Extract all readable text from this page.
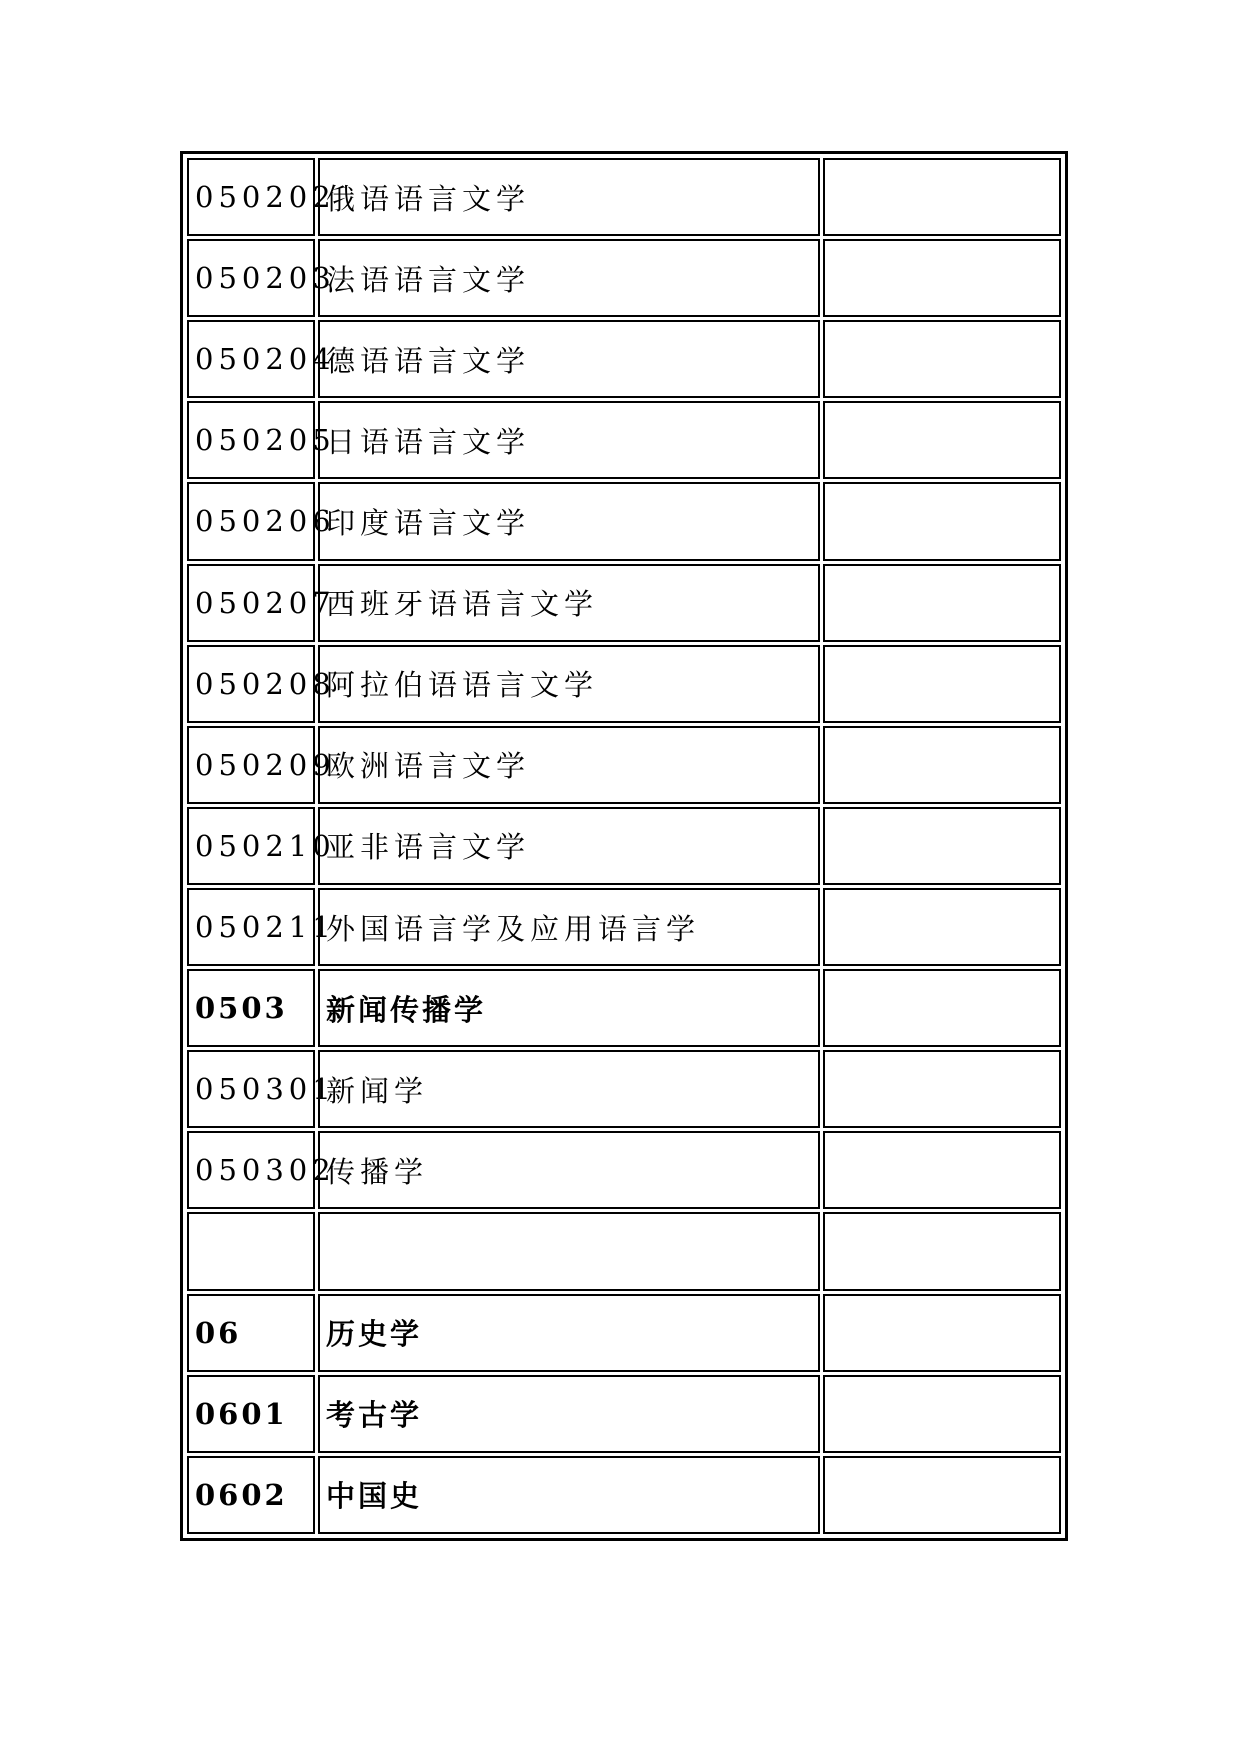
050202	俄语语言文学	
050203	法语语言文学	
050204	德语语言文学	
050205	日语语言文学	
050206	印度语言文学	
050207	西班牙语语言文学	
050208	阿拉伯语语言文学	
050209	欧洲语言文学	
050210	亚非语言文学	
050211	外国语言学及应用语言学	
0503	新闻传播学	
050301	新闻学	
050302	传播学	

06	历史学	
0601	考古学	
0602	中国史	
